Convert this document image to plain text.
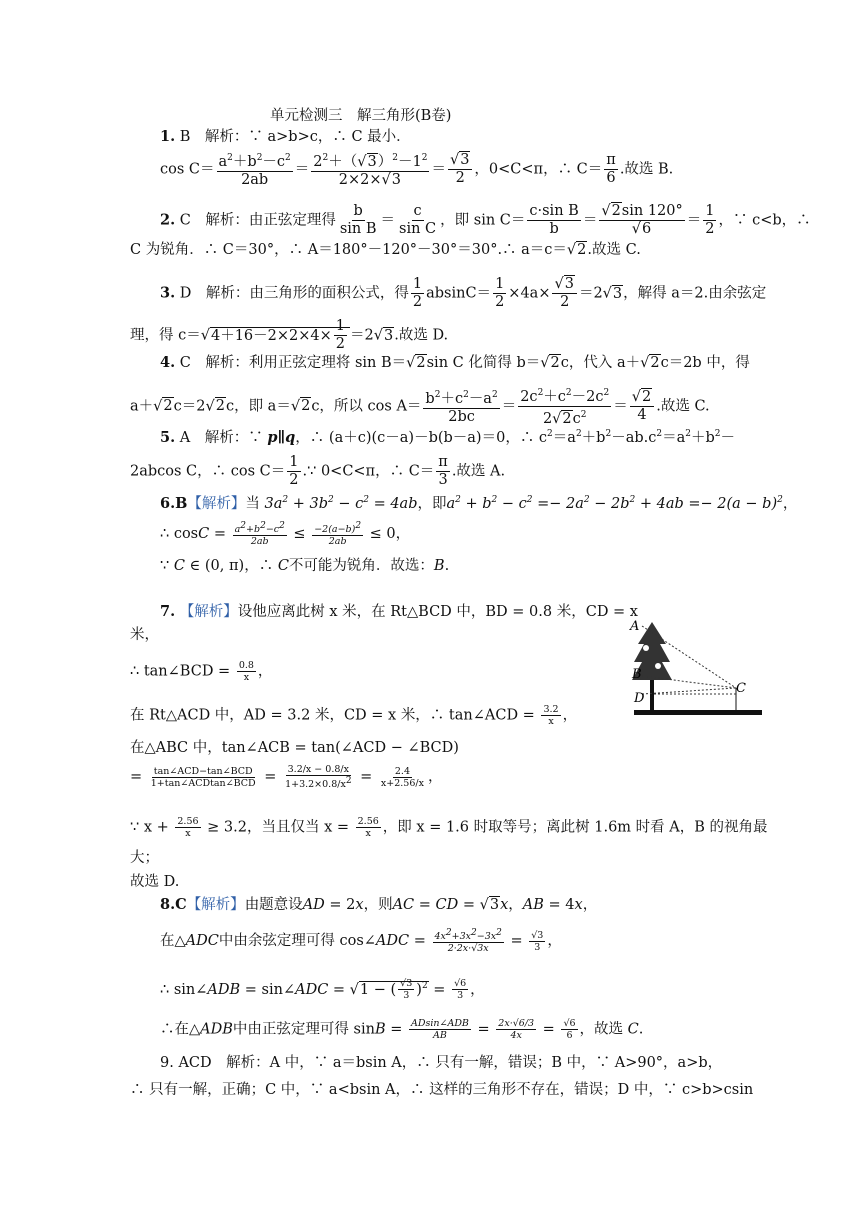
单元检测三　解三角形(B卷)
1. B　解析：∵ a>b>c，∴ C 最小．
$\cos C= \frac{a^2+b^2-c^2}{2ab} = \frac{2^2+(√3)^2-1^2}{2\times 2\times√3} = \frac{√3}{2}$ ，0<C<π，∴ $C= \frac{\pi}{6}$ .故选 B.
2. C　解析：由正弦定理得 $\frac{b}{\text{sin B}} = \frac{c}{\text{sin C}}$ ，即 $\sin C= \frac{\text{c·sin B}}{b} = \frac{√2\sin 120^\circ}{√6} = \frac{1}{2}$ ，∵ c<b，∴
C 为锐角．∴ C＝30°，∴ A＝180°－120°－30°＝30°.∴ a＝c＝√2.故选 C.
3. D　解析：由三角形的面积公式，得 $\frac{1}{2} absinC= \frac{1}{2} \times 4a\times \frac{√3}{2} =2√3$，解得 a＝2.由余弦定
理，得 $c=√4+16-2\times 2\times 4\times \frac{1}{2} =2√3$.故选 D.
4. C　解析：利用正弦定理将 sin B＝√2sin C 化简得 b＝√2c，代入 a＋√2c＝2b 中，得
a＋√2c＝2√2c，即 a＝√2c，所以 $\cos A= \frac{b^2+c^2-a^2}{2bc} = \frac{2c^2+c^2-2c^2}{2√2c^2} = \frac{√2}{4}$ .故选 C.
5. A　解析：∵ p∥q，∴ (a＋c)(c－a)－b(b－a)＝0，∴ $c^2=a^2+b^2-ab.c^2=a^2+b^2-$
2abcos C，∴ $\cos C= \frac{1}{2}$ .∵ 0<C<π，∴ $C= \frac{\pi}{3}$ .故选 A.
6.B【解析】当 $3a^2 + 3b^2 - c^2 = 4ab$，即$a^2 + b^2 - c^2 =- 2a^2 - 2b^2 + 4ab =- 2(a - b)^2$，
∴ $\cos C = \frac{a^2+b^2-c^2}{2ab} \le \frac{-2(a-b)^2}{2ab} \le 0$，
∵ C ∈ (0, π)，∴ C不可能为锐角．故选：B.
7. 【解析】设他应离此树 x 米，在 Rt△BCD 中，BD = 0.8 米，CD = x
米，
∴ tan∠BCD = $\frac{0.8}{x}$ ，
在 Rt△ACD 中，AD = 3.2 米，CD = x 米，∴ tan∠ACD = $\frac{3.2}{x}$ ，
在△ABC 中，tan∠ACB = tan(∠ACD − ∠BCD)
= tan∠ACD−tan∠BCD
1+tan∠ACDtan∠BCD = $\frac{3.2/x - 0.8/x}{1+3.2\times 0.8/x^2} = \frac{2.4}{x+2.56/x}$ ，
∵ $x + \frac{2.56}{x} \ge 3.2$，当且仅当 $x = \frac{2.56}{x}$ ，即 x = 1.6 时取等号；离此树 1.6m 时看 A，B 的视角最
大；
故选 D.
A
B
D
C
8.C【解析】由题意设AD = 2x，则AC = CD = √3x，AB = 4x，
在△ADC中由余弦定理可得 cos∠ADC = $\frac{4x^2+3x^2-3x^2}{2\cdot 2x\cdot√3x} = \frac{√3}{3}$ ，
∴ sin∠ADB = sin∠ADC = √1 − ( $\frac{√3}{3} )^2 = \frac{√6}{3}$ ，
∴在△ADB中由正弦定理可得 sinB = ADsin∠ADB
AB = $\frac{2x\cdot√6/3}{4x} = \frac{√6}{6}$ ，故选 C.
9. ACD　解析：A 中，∵ a＝bsin A，∴ 只有一解，错误；B 中，∵ A>90°，a>b，
∴ 只有一解，正确；C 中，∵ a<bsin A，∴ 这样的三角形不存在，错误；D 中，∵ c>b>csin
